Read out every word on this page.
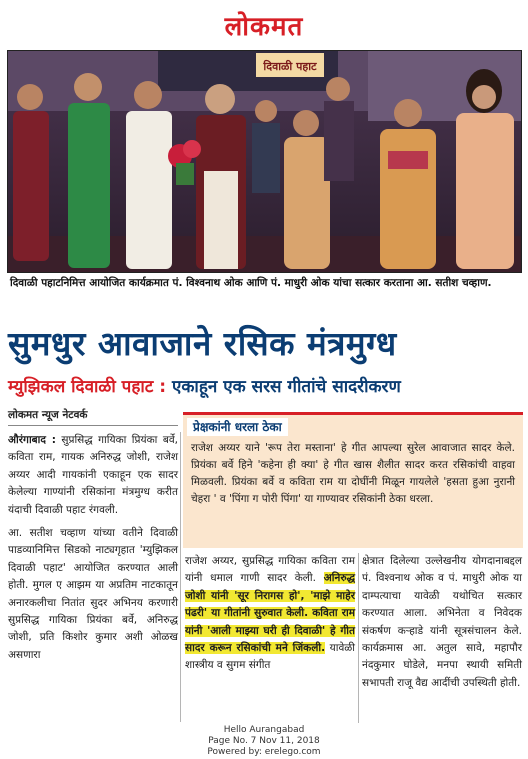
लोकमत
दिवाळी पहाट
दिवाळी पहाटनिमित्त आयोजित कार्यक्रमात पं. विश्वनाथ ओक आणि पं. माधुरी ओक यांचा सत्कार करताना आ. सतीश चव्हाण.
सुमधुर आवाजाने रसिक मंत्रमुग्ध
म्युझिकल दिवाळी पहाट : एकाहून एक सरस गीतांचे सादरीकरण
लोकमत न्यूज नेटवर्क

औरंगाबाद : सुप्रसिद्ध गायिका प्रियंका बर्वे, कविता राम, गायक अनिरुद्ध जोशी, राजेश अय्यर आदी गायकांनी एकाहून एक सादर केलेल्या गाण्यांनी रसिकांना मंत्रमुग्ध करीत यंदाची दिवाळी पहाट रंगवली.

आ. सतीश चव्हाण यांच्या वतीने दिवाळी पाडव्यानिमित्त सिडको नाट्यगृहात 'म्युझिकल दिवाळी पहाट' आयोजित करण्यात आली होती. मुगल ए आझम या अप्रतिम नाटकातून अनारकलीचा नितांत सुदर अभिनय करणारी सुप्रसिद्ध गायिका प्रियंका बर्वे, अनिरुद्ध जोशी, प्रति किशोर कुमार अशी ओळख असणारा

प्रेक्षकांनी धरला ठेका
राजेश अय्यर याने 'रूप तेरा मस्ताना' हे गीत आपल्या सुरेल आवाजात सादर केले. प्रियंका बर्वे हिने 'कहेना ही क्या' हे गीत खास शैलीत सादर करत रसिकांची वाहवा मिळवली. प्रियंका बर्वे व कविता राम या दोघींनी मिळून गायलेले 'हसता हुआ नुरानी चेहरा ' व 'पिंगा ग पोरी पिंगा' या गाण्यावर रसिकांनी ठेका धरला.
राजेश अय्यर, सुप्रसिद्ध गायिका कविता राम यांनी धमाल गाणी सादर केली. अनिरुद्ध जोशी यांनी 'सूर निरागस हो', 'माझे माहेर पंढरी' या गीतांनी सुरुवात केली. कविता राम यांनी 'आली माझ्या घरी ही दिवाळी' हे गीत सादर करून रसिकांची मने जिंकली. यावेळी शास्त्रीय व सुगम संगीत
क्षेत्रात दिलेल्या उल्लेखनीय योगदानाबद्दल पं. विश्वनाथ ओक व पं. माधुरी ओक या दाम्पत्याचा यावेळी यथोचित सत्कार करण्यात आला. अभिनेता व निवेदक संकर्षण कऱ्हाडे यांनी सूत्रसंचालन केले. कार्यक्रमास आ. अतुल सावे, महापौर नंदकुमार घोडेले, मनपा स्थायी समिती सभापती राजू वैद्य आदींची उपस्थिती होती.
Hello Aurangabad
Page No. 7 Nov 11, 2018
Powered by: erelego.com
